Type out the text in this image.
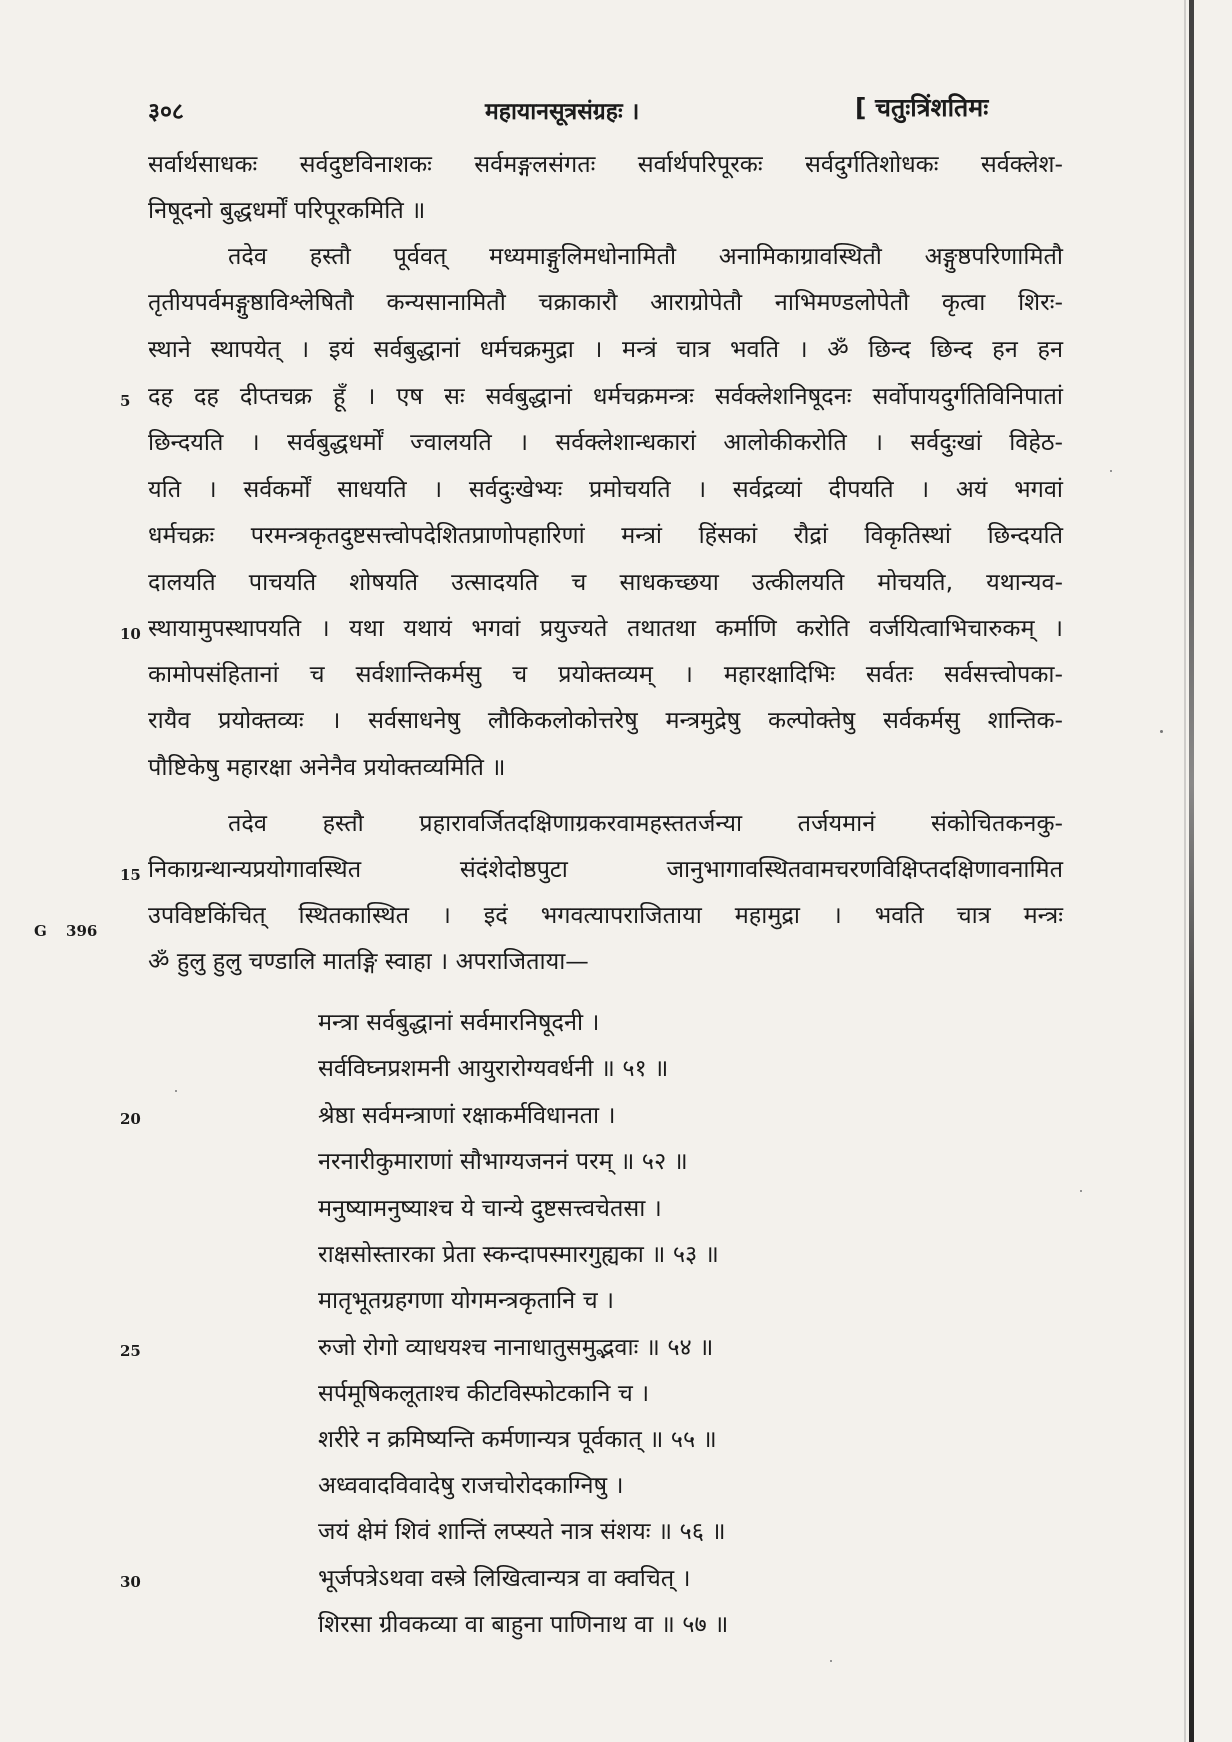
३०८	महायानसूत्रसंग्रहः ।	[ चतुःत्रिंशतिमः
सर्वार्थसाधकः सर्वदुष्टविनाशकः सर्वमङ्गलसंगतः सर्वार्थपरिपूरकः सर्वदुर्गतिशोधकः सर्वक्लेश-
निषूदनो बुद्धधर्मों परिपूरकमिति ॥
तदेव हस्तौ पूर्ववत् मध्यमाङ्गुलिमधोनामितौ अनामिकाग्रावस्थितौ अङ्गुष्ठपरिणामितौ
तृतीयपर्वमङ्गुष्ठाविश्लेषितौ कन्यसानामितौ चक्राकारौ आराग्रोपेतौ नाभिमण्डलोपेतौ कृत्वा शिरः-
स्थाने स्थापयेत् । इयं सर्वबुद्धानां धर्मचक्रमुद्रा । मन्त्रं चात्र भवति । ॐ छिन्द छिन्द हन हन
दह दह दीप्तचक्र हूँ । एष सः सर्वबुद्धानां धर्मचक्रमन्त्रः सर्वक्लेशनिषूदनः सर्वोपायदुर्गतिविनिपातां
छिन्दयति । सर्वबुद्धधर्मों ज्वालयति । सर्वक्लेशान्धकारां आलोकीकरोति । सर्वदुःखां विहेठ-
यति । सर्वकर्मों साधयति । सर्वदुःखेभ्यः प्रमोचयति । सर्वद्रव्यां दीपयति । अयं भगवां
धर्मचक्रः परमन्त्रकृतदुष्टसत्त्वोपदेशितप्राणोपहारिणां मन्त्रां हिंसकां रौद्रां विकृतिस्थां छिन्दयति
दालयति पाचयति शोषयति उत्सादयति च साधकच्छया उत्कीलयति मोचयति, यथान्यव-
स्थायामुपस्थापयति । यथा यथायं भगवां प्रयुज्यते तथातथा कर्माणि करोति वर्जयित्वाभिचारुकम् ।
कामोपसंहितानां च सर्वशान्तिकर्मसु च प्रयोक्तव्यम् । महारक्षादिभिः सर्वतः सर्वसत्त्वोपका-
रायैव प्रयोक्तव्यः । सर्वसाधनेषु लौकिकलोकोत्तरेषु मन्त्रमुद्रेषु कल्पोक्तेषु सर्वकर्मसु शान्तिक-
पौष्टिकेषु महारक्षा अनेनैव प्रयोक्तव्यमिति ॥
तदेव हस्तौ प्रहारावर्जितदक्षिणाग्रकरवामहस्ततर्जन्या तर्जयमानं संकोचितकनकु-
निकाग्रन्थान्यप्रयोगावस्थित संदंशेदोष्ठपुटा जानुभागावस्थितवामचरणविक्षिप्तदक्षिणावनामित
उपविष्टकिंचित् स्थितकास्थित । इदं भगवत्यापराजिताया महामुद्रा । भवति चात्र मन्त्रः
ॐ हुलु हुलु चण्डालि मातङ्गि स्वाहा । अपराजिताया—
मन्त्रा सर्वबुद्धानां सर्वमारनिषूदनी ।
सर्वविघ्नप्रशमनी आयुरारोग्यवर्धनी ॥ ५१ ॥
श्रेष्ठा सर्वमन्त्राणां रक्षाकर्मविधानता ।
नरनारीकुमाराणां सौभाग्यजननं परम् ॥ ५२ ॥
मनुष्यामनुष्याश्च ये चान्ये दुष्टसत्त्वचेतसा ।
राक्षसोस्तारका प्रेता स्कन्दापस्मारगुह्यका ॥ ५३ ॥
मातृभूतग्रहगणा योगमन्त्रकृतानि च ।
रुजो रोगो व्याधयश्च नानाधातुसमुद्भवाः ॥ ५४ ॥
सर्पमूषिकलूताश्च कीटविस्फोटकानि च ।
शरीरे न क्रमिष्यन्ति कर्मणान्यत्र पूर्वकात् ॥ ५५ ॥
अध्ववादविवादेषु राजचोरोदकाग्निषु ।
जयं क्षेमं शिवं शान्तिं लप्स्यते नात्र संशयः ॥ ५६ ॥
भूर्जपत्रेऽथवा वस्त्रे लिखित्वान्यत्र वा क्वचित् ।
शिरसा ग्रीवकव्या वा बाहुना पाणिनाथ वा ॥ ५७ ॥
5
10
15
20
25
30
G 396
